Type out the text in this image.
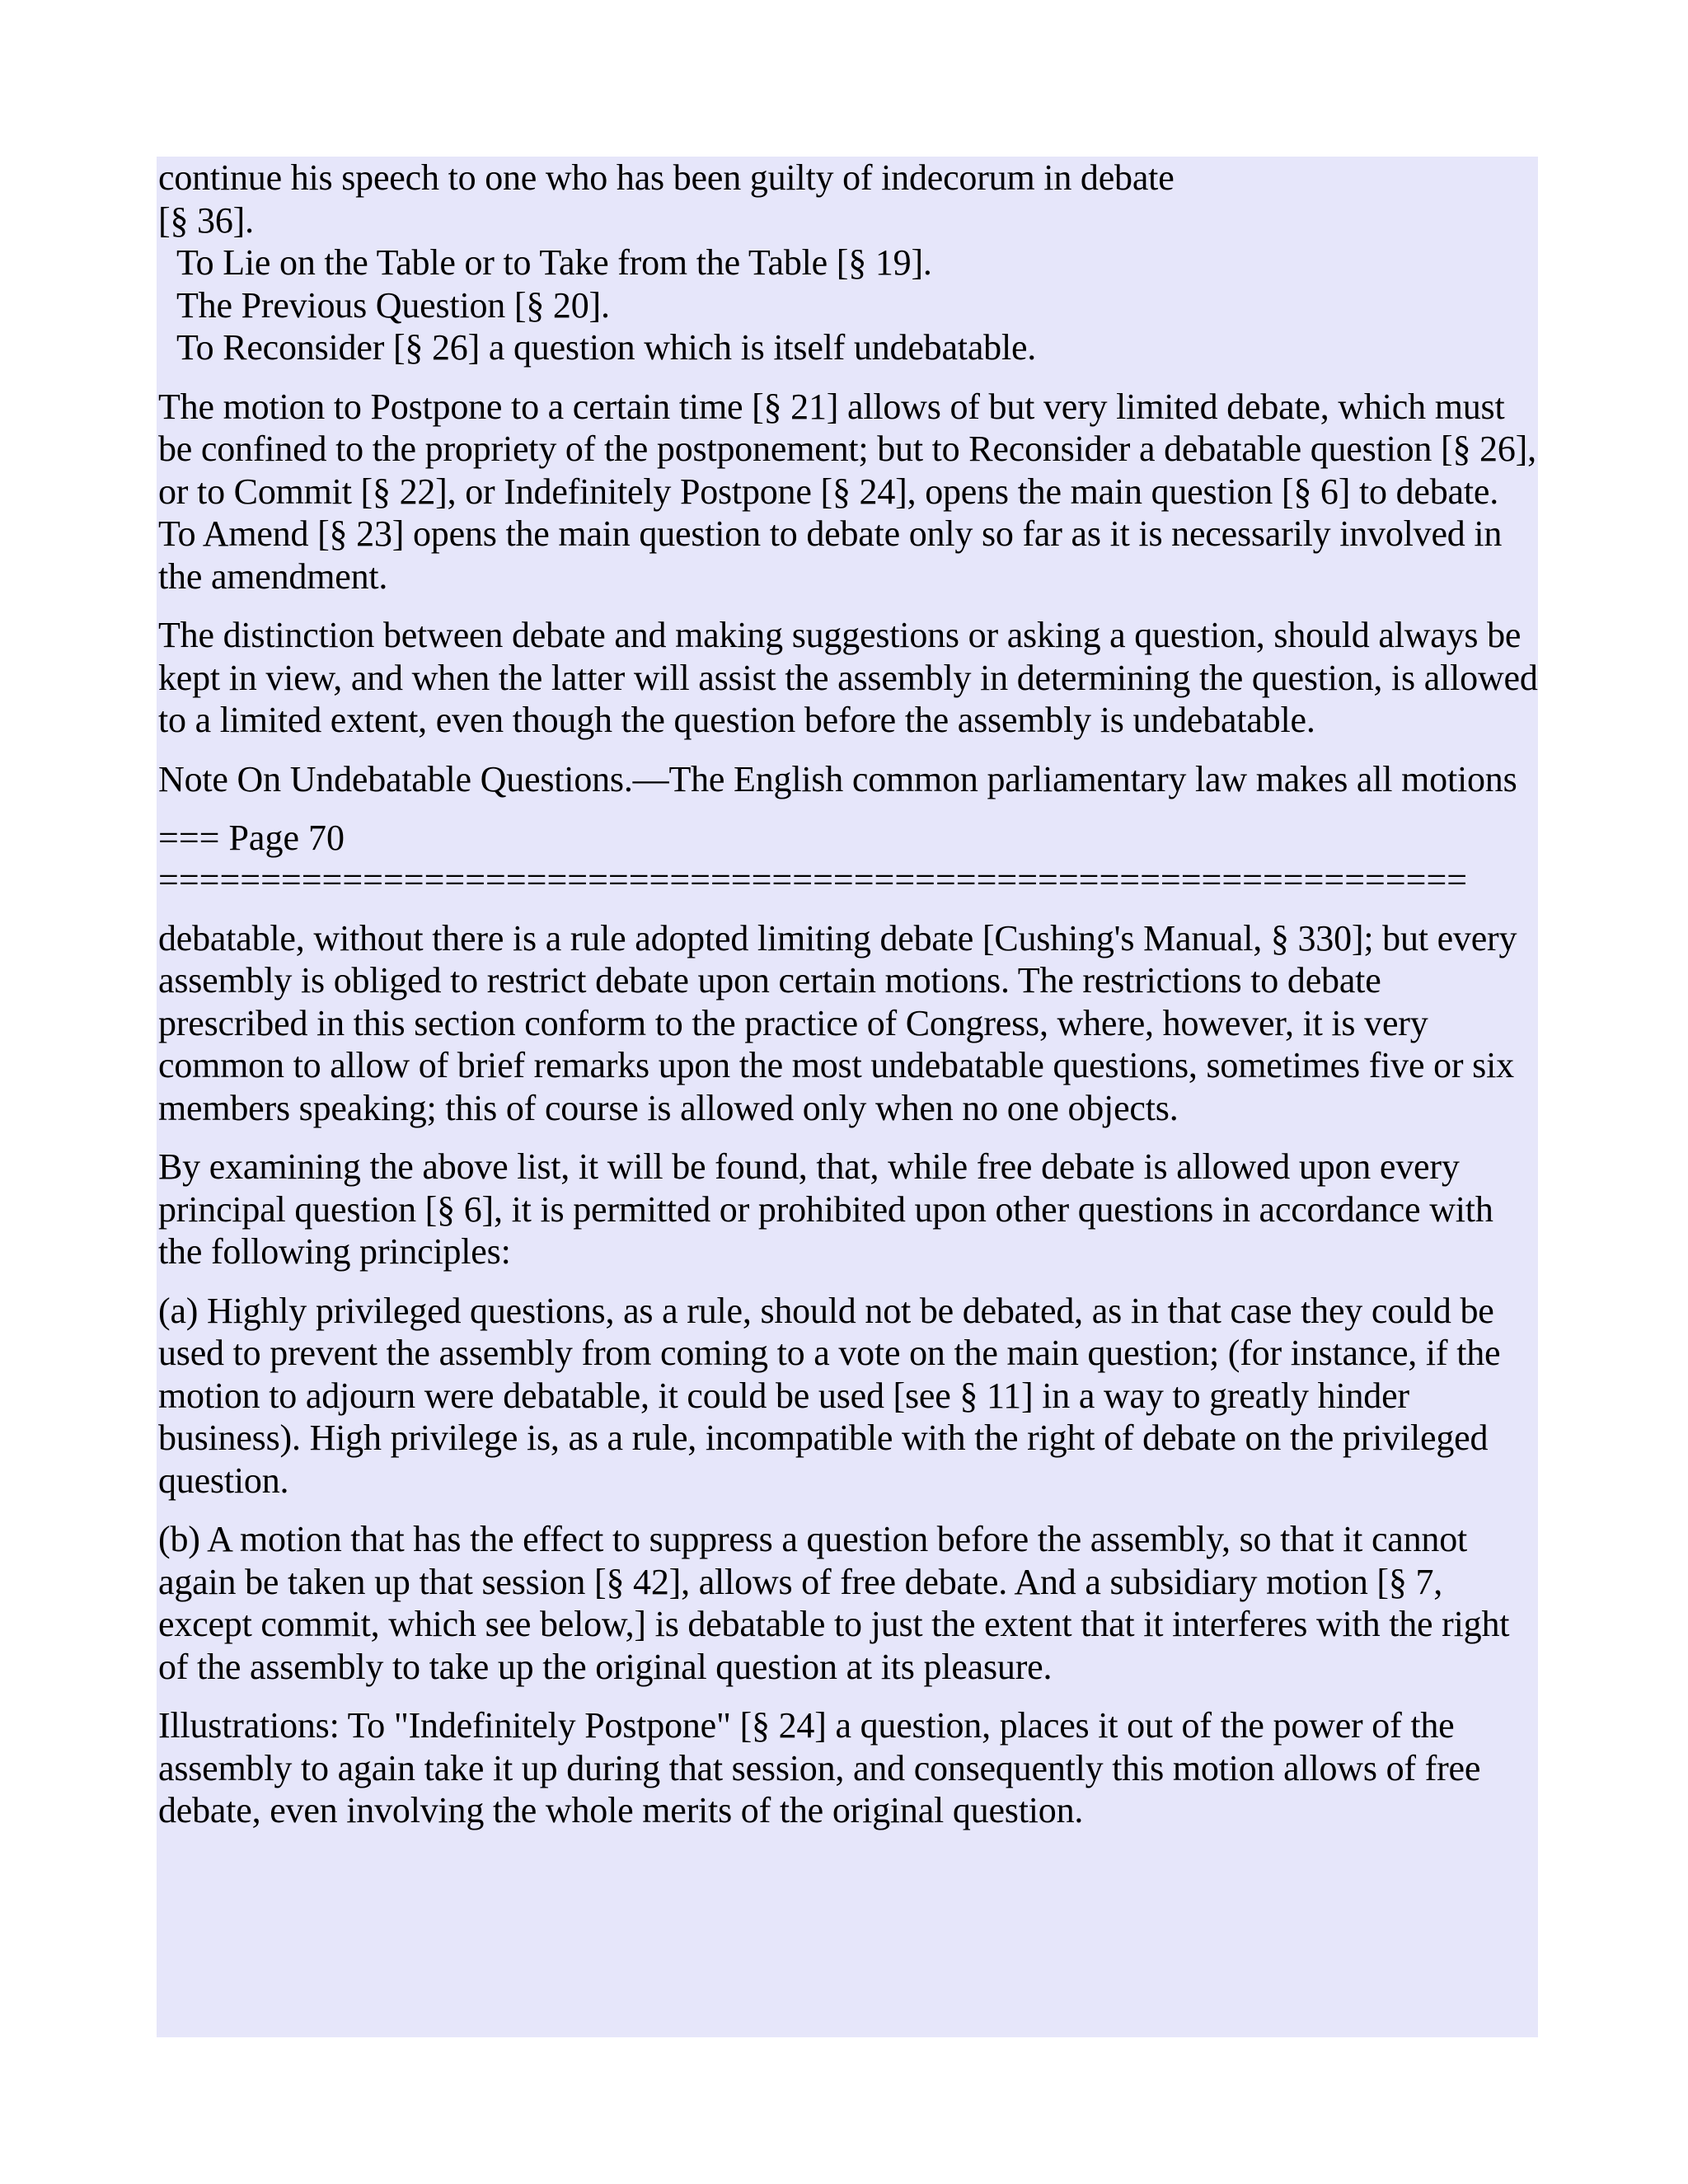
continue his speech to one who has been guilty of indecorum in debate
[§ 36].

To Lie on the Table or to Take from the Table [§ 19].

The Previous Question [§ 20].

To Reconsider [§ 26] a question which is itself undebatable.

The motion to Postpone to a certain time [§ 21] allows of but very limited debate, which must be confined to the propriety of the postponement; but to Reconsider a debatable question [§ 26], or to Commit [§ 22], or Indefinitely Postpone [§ 24], opens the main question [§ 6] to debate. To Amend [§ 23] opens the main question to debate only so far as it is necessarily involved in the amendment.

The distinction between debate and making suggestions or asking a question, should always be kept in view, and when the latter will assist the assembly in determining the question, is allowed to a limited extent, even though the question before the assembly is undebatable.

Note On Undebatable Questions.—The English common parliamentary law makes all motions

=== Page 70
================================================================

debatable, without there is a rule adopted limiting debate [Cushing's Manual, § 330]; but every assembly is obliged to restrict debate upon certain motions. The restrictions to debate prescribed in this section conform to the practice of Congress, where, however, it is very common to allow of brief remarks upon the most undebatable questions, sometimes five or six members speaking; this of course is allowed only when no one objects.

By examining the above list, it will be found, that, while free debate is allowed upon every principal question [§ 6], it is permitted or prohibited upon other questions in accordance with the following principles:

(a) Highly privileged questions, as a rule, should not be debated, as in that case they could be used to prevent the assembly from coming to a vote on the main question; (for instance, if the motion to adjourn were debatable, it could be used [see § 11] in a way to greatly hinder business). High privilege is, as a rule, incompatible with the right of debate on the privileged question.

(b) A motion that has the effect to suppress a question before the assembly, so that it cannot again be taken up that session [§ 42], allows of free debate. And a subsidiary motion [§ 7, except commit, which see below,] is debatable to just the extent that it interferes with the right of the assembly to take up the original question at its pleasure.

Illustrations: To "Indefinitely Postpone" [§ 24] a question, places it out of the power of the assembly to again take it up during that session, and consequently this motion allows of free debate, even involving the whole merits of the original question.
